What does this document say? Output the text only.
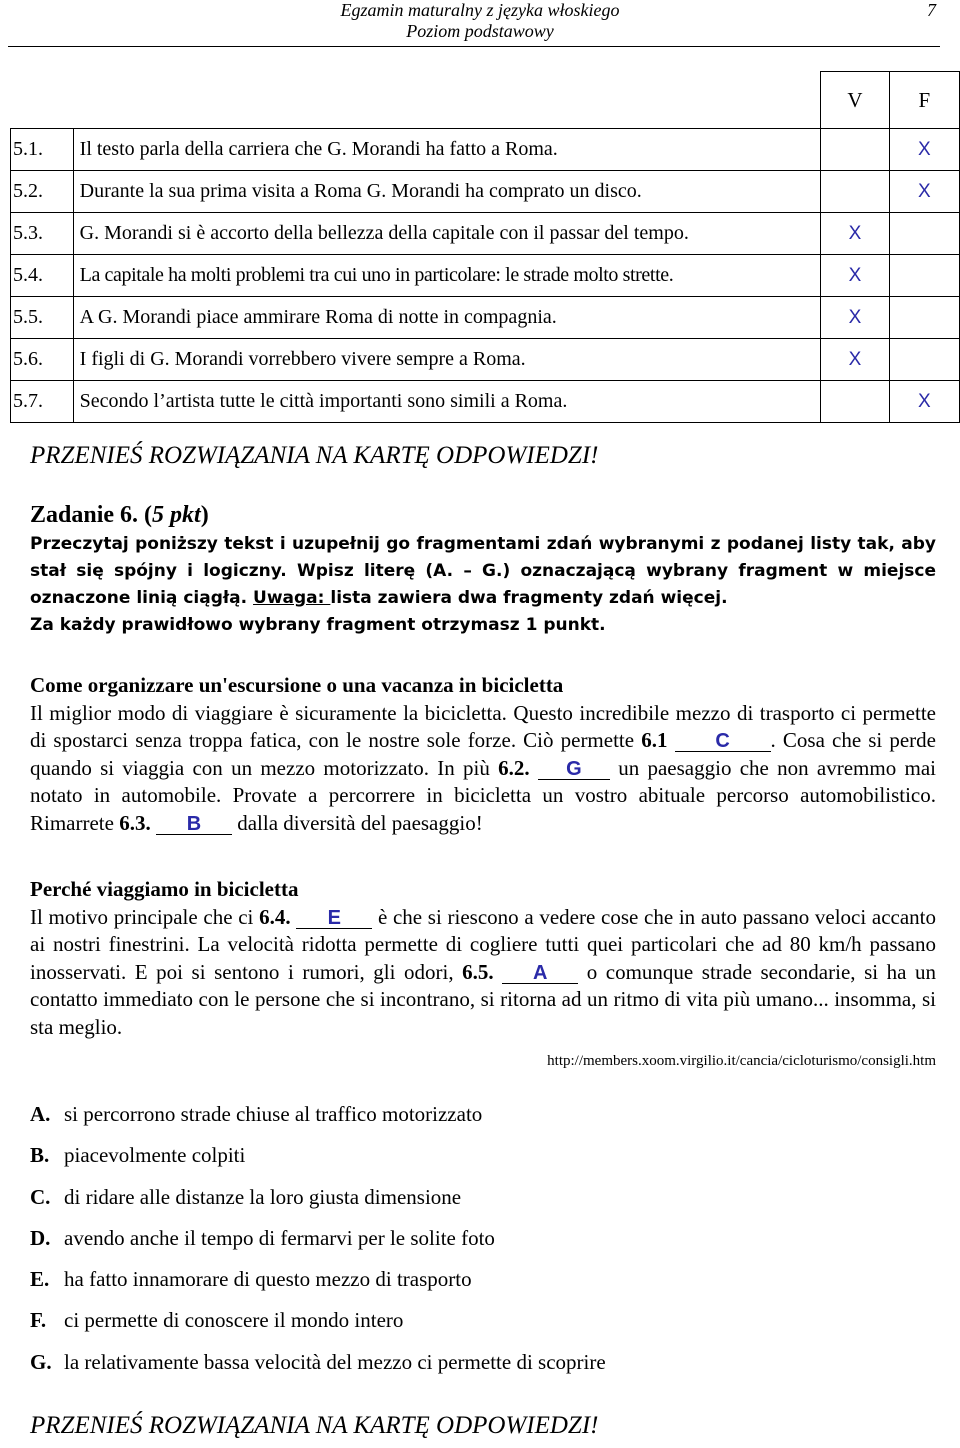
Egzamin maturalny z języka włoskiego
Poziom podstawowy
7
		V	F
5.1.	Il testo parla della carriera che G. Morandi ha fatto a Roma.		X
5.2.	Durante la sua prima visita a Roma G. Morandi ha comprato un disco.		X
5.3.	G. Morandi si è accorto della bellezza della capitale con il passar del tempo.	X	
5.4.	La capitale ha molti problemi tra cui uno in particolare: le strade molto strette.	X	
5.5.	A G. Morandi piace ammirare Roma di notte in compagnia.	X	
5.6.	I figli di G. Morandi vorrebbero vivere sempre a Roma.	X	
5.7.	Secondo l’artista tutte le città importanti sono simili a Roma.		X
PRZENIEŚ ROZWIĄZANIA NA KARTĘ ODPOWIEDZI!
Zadanie 6. (5 pkt)
Przeczytaj poniższy tekst i uzupełnij go fragmentami zdań wybranymi z podanej listy tak, aby stał się spójny i logiczny. Wpisz literę (A. – G.) oznaczającą wybrany fragment w miejsce oznaczone linią ciągłą. Uwaga: lista zawiera dwa fragmenty zdań więcej.
Za każdy prawidłowo wybrany fragment otrzymasz 1 punkt.
Come organizzare un'escursione o una vacanza in bicicletta
Il miglior modo di viaggiare è sicuramente la bicicletta. Questo incredibile mezzo di trasporto ci permette di spostarci senza troppa fatica, con le nostre sole forze. Ciò permette 6.1 C . Cosa che si perde quando si viaggia con un mezzo motorizzato. In più 6.2. G un paesaggio che non avremmo mai notato in automobile. Provate a percorrere in bicicletta un vostro abituale percorso automobilistico. Rimarrete 6.3. B dalla diversità del paesaggio!
Perché viaggiamo in bicicletta
Il motivo principale che ci 6.4. E è che si riescono a vedere cose che in auto passano veloci accanto ai nostri finestrini. La velocità ridotta permette di cogliere tutti quei particolari che ad 80 km/h passano inosservati. E poi si sentono i rumori, gli odori, 6.5. A o comunque strade secondarie, si ha un contatto immediato con le persone che si incontrano, si ritorna ad un ritmo di vita più umano... insomma, si sta meglio.
http://members.xoom.virgilio.it/cancia/cicloturismo/consigli.htm
A. si percorrono strade chiuse al traffico motorizzato
B. piacevolmente colpiti
C. di ridare alle distanze la loro giusta dimensione
D. avendo anche il tempo di fermarvi per le solite foto
E. ha fatto innamorare di questo mezzo di trasporto
F. ci permette di conoscere il mondo intero
G. la relativamente bassa velocità del mezzo ci permette di scoprire
PRZENIEŚ ROZWIĄZANIA NA KARTĘ ODPOWIEDZI!
